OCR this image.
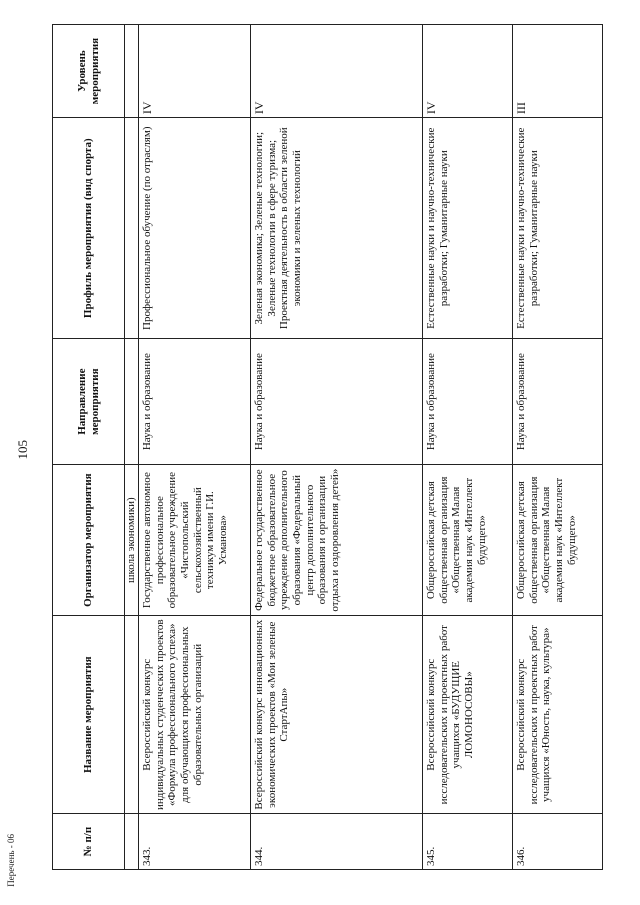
105
№ п/п	Название мероприятия	Организатор мероприятия	Направление мероприятия	Профиль мероприятия (вид спорта)	Уровень мероприятия
		школа экономики)			
343.	Всероссийский конкурс индивидуальных студенческих проектов «Формула профессионального успеха» для обучающихся профессиональных образовательных организаций	Государственное автономное профессиональное образовательное учреждение «Чистопольский сельскохозяйственный техникум имени Г.И. Усманова»	Наука и образование	Профессиональное обучение (по отраслям)	IV
344.	Всероссийский конкурс инновационных экономических проектов «Мои зеленые СтартАпы»	Федеральное государственное бюджетное образовательное учреждение дополнительного образования «Федеральный центр дополнительного образования и организации отдыха и оздоровления детей»	Наука и образование	Зеленая экономика; Зеленые технологии; Зеленые технологии в сфере туризма; Проектная деятельность в области зеленой экономики и зеленых технологий	IV
345.	Всероссийский конкурс исследовательских и проектных работ учащихся «БУДУЩИЕ ЛОМОНОСОВЫ»	Общероссийская детская общественная организация «Общественная Малая академия наук «Интеллект будущего»	Наука и образование	Естественные науки и научно-технические разработки; Гуманитарные науки	IV
346.	Всероссийский конкурс исследовательских и проектных работ учащихся «Юность, наука, культура»	Общероссийская детская общественная организация «Общественная Малая академия наук «Интеллект будущего»	Наука и образование	Естественные науки и научно-технические разработки; Гуманитарные науки	III
Перечень - 06
